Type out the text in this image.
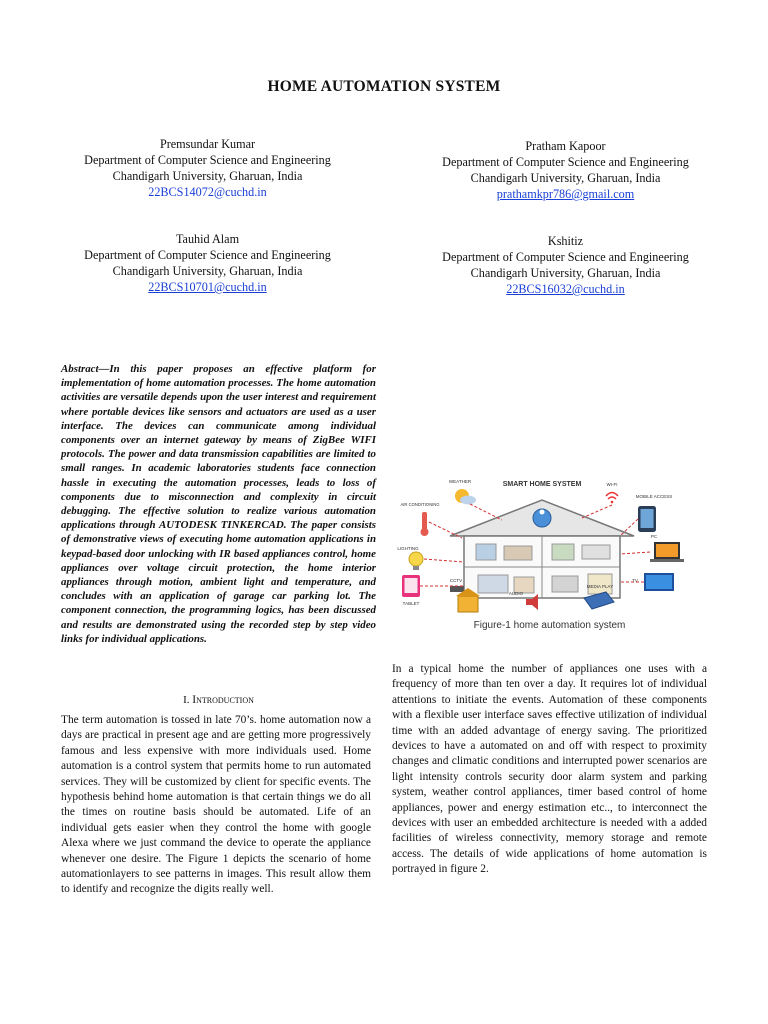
HOME AUTOMATION SYSTEM
Premsundar Kumar
Department of Computer Science and Engineering
Chandigarh University, Gharuan, India
22BCS14072@cuchd.in
Pratham Kapoor
Department of Computer Science and Engineering
Chandigarh University, Gharuan, India
prathamkpr786@gmail.com
Tauhid Alam
Department of Computer Science and Engineering
Chandigarh University, Gharuan, India
22BCS10701@cuchd.in
Kshitiz
Department of Computer Science and Engineering
Chandigarh University, Gharuan, India
22BCS16032@cuchd.in
Abstract—In this paper proposes an effective platform for implementation of home automation processes. The home automation activities are versatile depends upon the user interest and requirement where portable devices like sensors and actuators are used as a user interface. The devices can communicate among individual components over an internet gateway by means of ZigBee WIFI protocols. The power and data transmission capabilities are limited to small ranges. In academic laboratories students face connection hassle in executing the automation processes, leads to loss of components due to misconnection and complexity in circuit debugging. The effective solution to realize various automation applications through AUTODESK TINKERCAD. The paper consists of demonstrative views of executing home automation applications in keypad-based door unlocking with IR based appliances control, home appliances over voltage circuit protection, the home interior appliances through motion, ambient light and temperature, and concludes with an application of garage car parking lot. The component connection, the programming logics, has been discussed and results are demonstrated using the recorded step by step video links for individual applications.
I. Introduction
The term automation is tossed in late 70’s. home automation now a days are practical in present age and are getting more progressively famous and less expensive with more individuals used. Home automation is a control system that permits home to run automated services. They will be customized by client for specific events. The hypothesis behind home automation is that certain things we do all the times on routine basis should be automated. Life of an individual gets easier when they control the home with google Alexa where we just command the device to operate the appliance whenever one desire. The Figure 1 depicts the scenario of home automationlayers to see patterns in images. This result allow them to identify and recognize the digits really well.
SMART HOME SYSTEM
WEATHER
AIR CONDITIONING
WI-FI
MOBILE ACCESS
LIGHTING
PC
TV
TABLET
CCTV
AUDIO
MEDIA PLAY
Figure-1 home automation system
In a typical home the number of appliances one uses with a frequency of more than ten over a day. It requires lot of individual attentions to initiate the events. Automation of these components with a flexible user interface saves effective utilization of individual time with an added advantage of energy saving. The prioritized devices to have a automated on and off with respect to proximity changes and climatic conditions and interrupted power scenarios are light intensity controls security door alarm system and parking system, weather control appliances, timer based control of home appliances, power and energy estimation etc.., to interconnect the devices with user an embedded architecture is needed with a added facilities of wireless connectivity, memory storage and remote access. The details of wide applications of home automation is portrayed in figure 2.
